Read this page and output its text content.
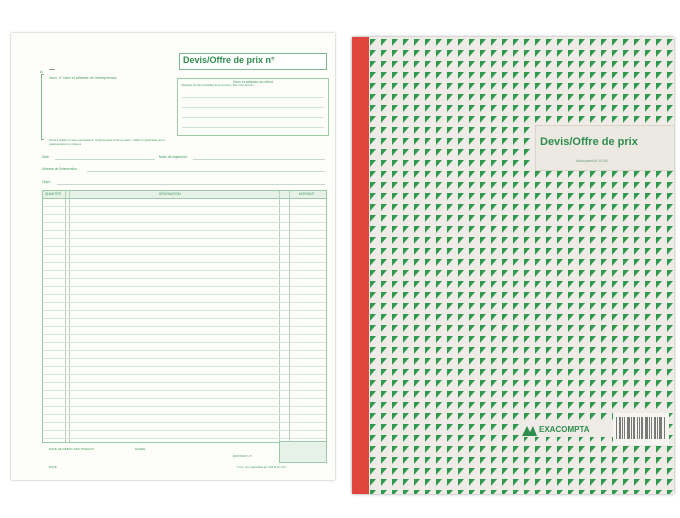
Devis/Offre de prix n°
A
Nom, n° siren et adresse de l'entrepreneur
Nom et adresse du client
Signature du client précédée de la mention « Bon pour accord »
Devis à établir en deux exemplaires, l'original étant remis au client ; établi en application de la réglementation en vigueur
Date :	Mode de règlement :
Adresse de l'intervention :
Objet :
QUANTITÉ	DÉSIGNATION	MONTANT
DATE DE DÉBUT DES TRAVAUX	DURÉE
MONTANT H.T.
DATE	T.V.A. non applicable art. 293 B du CGI
Devis/Offre de prix
Autocopiant A4 1/2 A5
EXACOMPTA
